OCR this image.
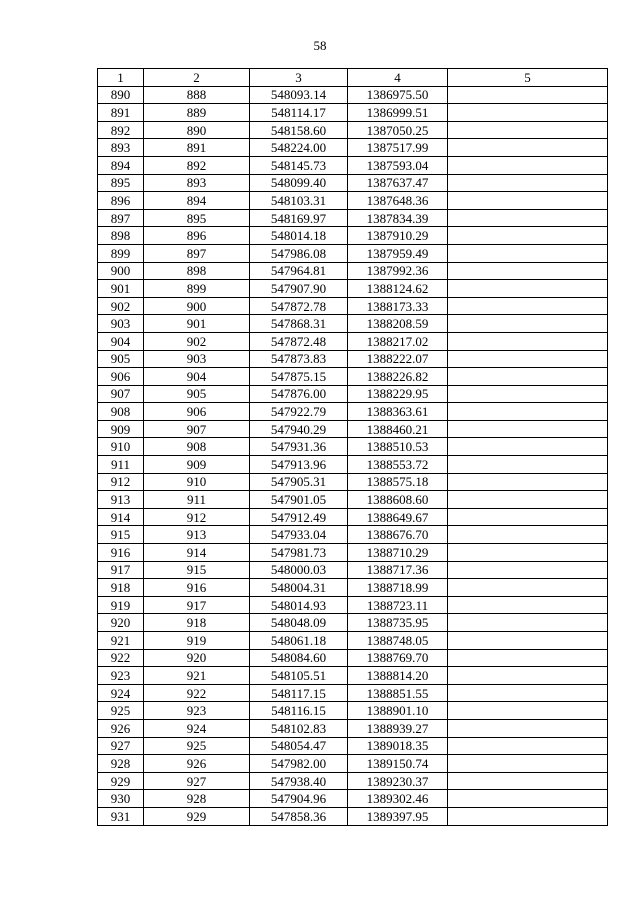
58
1	2	3	4	5
890	888	548093.14	1386975.50	
891	889	548114.17	1386999.51	
892	890	548158.60	1387050.25	
893	891	548224.00	1387517.99	
894	892	548145.73	1387593.04	
895	893	548099.40	1387637.47	
896	894	548103.31	1387648.36	
897	895	548169.97	1387834.39	
898	896	548014.18	1387910.29	
899	897	547986.08	1387959.49	
900	898	547964.81	1387992.36	
901	899	547907.90	1388124.62	
902	900	547872.78	1388173.33	
903	901	547868.31	1388208.59	
904	902	547872.48	1388217.02	
905	903	547873.83	1388222.07	
906	904	547875.15	1388226.82	
907	905	547876.00	1388229.95	
908	906	547922.79	1388363.61	
909	907	547940.29	1388460.21	
910	908	547931.36	1388510.53	
911	909	547913.96	1388553.72	
912	910	547905.31	1388575.18	
913	911	547901.05	1388608.60	
914	912	547912.49	1388649.67	
915	913	547933.04	1388676.70	
916	914	547981.73	1388710.29	
917	915	548000.03	1388717.36	
918	916	548004.31	1388718.99	
919	917	548014.93	1388723.11	
920	918	548048.09	1388735.95	
921	919	548061.18	1388748.05	
922	920	548084.60	1388769.70	
923	921	548105.51	1388814.20	
924	922	548117.15	1388851.55	
925	923	548116.15	1388901.10	
926	924	548102.83	1388939.27	
927	925	548054.47	1389018.35	
928	926	547982.00	1389150.74	
929	927	547938.40	1389230.37	
930	928	547904.96	1389302.46	
931	929	547858.36	1389397.95	
